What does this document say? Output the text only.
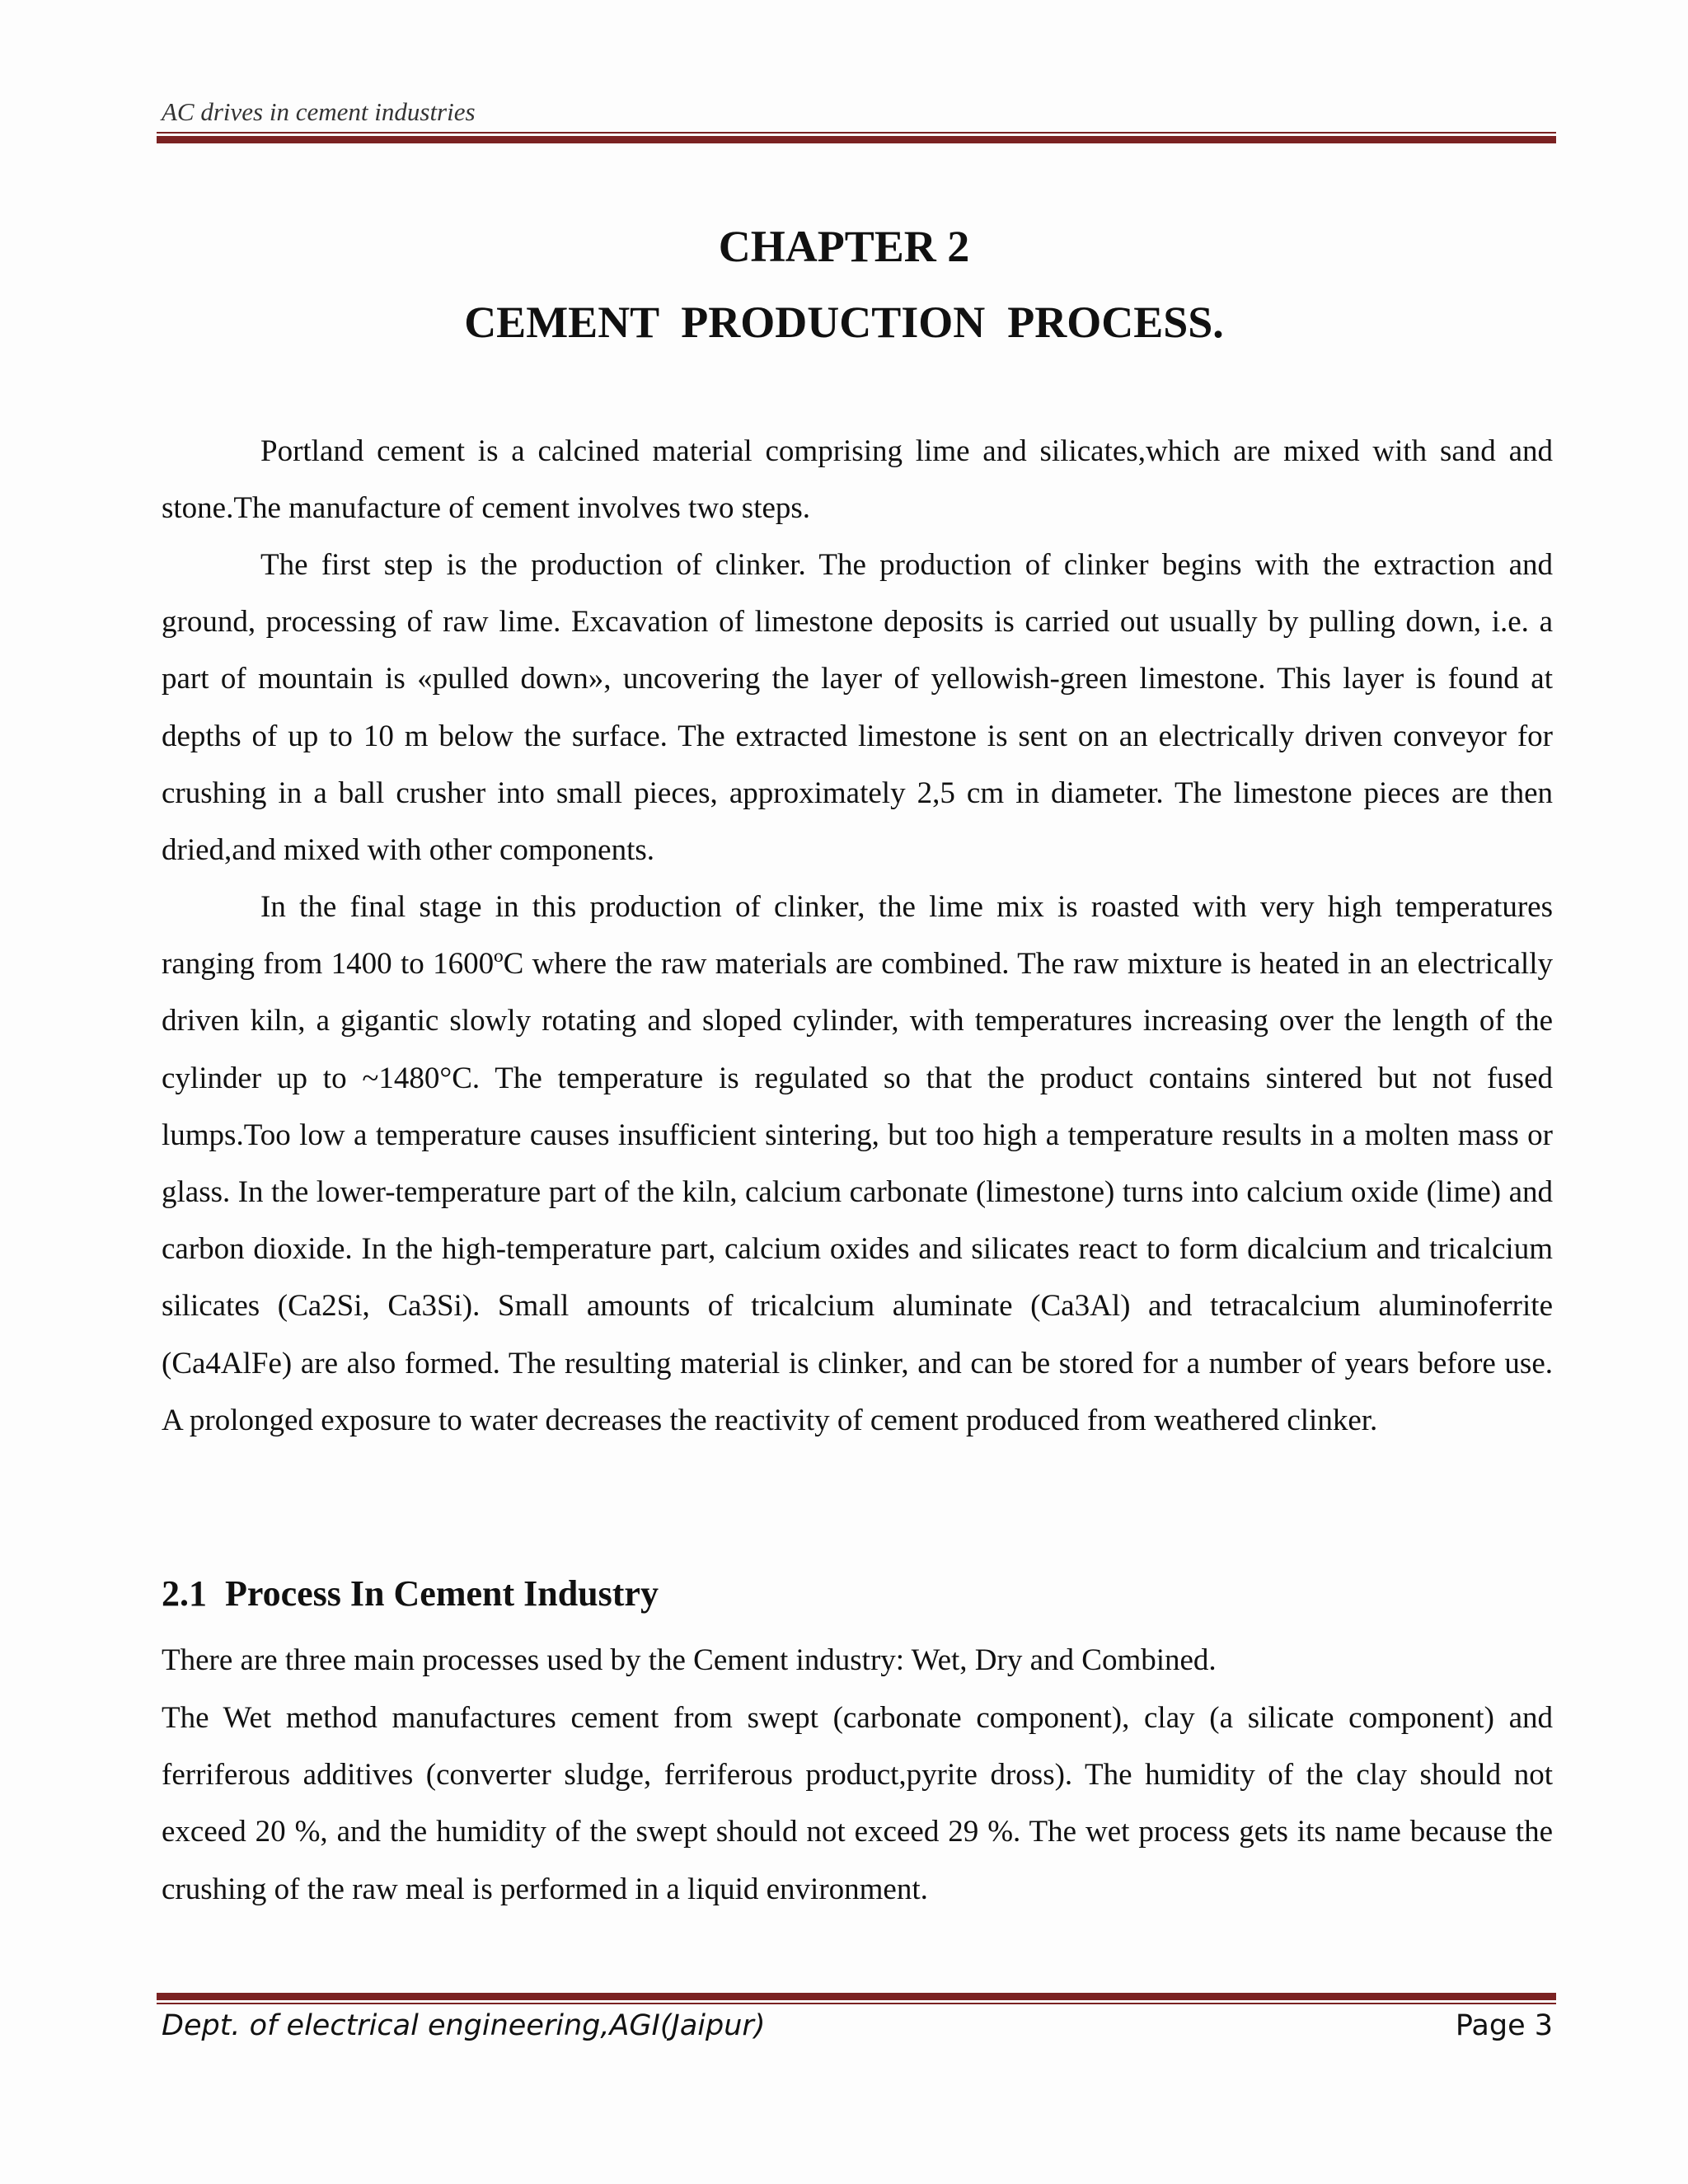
AC drives in cement industries

CHAPTER 2
CEMENT  PRODUCTION  PROCESS.

Portland cement is a calcined material comprising lime and silicates,which are mixed with sand and stone.The manufacture of cement involves two steps.

The first step is the production of clinker. The production of clinker begins with the extraction and ground, processing of raw lime. Excavation of limestone deposits is carried out usually by pulling down, i.e. a part of mountain is «pulled down», uncovering the layer of yellowish-green limestone. This layer is found at depths of up to 10 m below the surface. The extracted limestone is sent on an electrically driven conveyor for crushing in a ball crusher into small pieces, approximately 2,5 cm in diameter. The limestone pieces are then dried,and mixed with other components.

In the final stage in this production of clinker, the lime mix is roasted with very high temperatures ranging from 1400 to 1600ºC where the raw materials are combined. The raw mixture is heated in an electrically driven kiln, a gigantic slowly rotating and sloped cylinder, with temperatures increasing over the length of the cylinder up to ~1480°C. The temperature is regulated so that the product contains sintered but not fused lumps.Too low a temperature causes insufficient sintering, but too high a temperature results in a molten mass or glass. In the lower-temperature part of the kiln, calcium carbonate (limestone) turns into calcium oxide (lime) and carbon dioxide. In the high-temperature part, calcium oxides and silicates react to form dicalcium and tricalcium silicates (Ca2Si, Ca3Si). Small amounts of tricalcium aluminate (Ca3Al) and tetracalcium aluminoferrite (Ca4AlFe) are also formed. The resulting material is clinker, and can be stored for a number of years before use. A prolonged exposure to water decreases the reactivity of cement produced from weathered clinker.

2.1  Process In Cement Industry

There are three main processes used by the Cement industry: Wet, Dry and Combined.

The Wet method manufactures cement from swept (carbonate component), clay (a silicate component) and ferriferous additives (converter sludge, ferriferous product,pyrite dross). The humidity of the clay should not exceed 20 %, and the humidity of the swept should not exceed 29 %. The wet process gets its name because the crushing of the raw meal is performed in a liquid environment.

Dept. of electrical engineering,AGI(Jaipur)	Page 3
